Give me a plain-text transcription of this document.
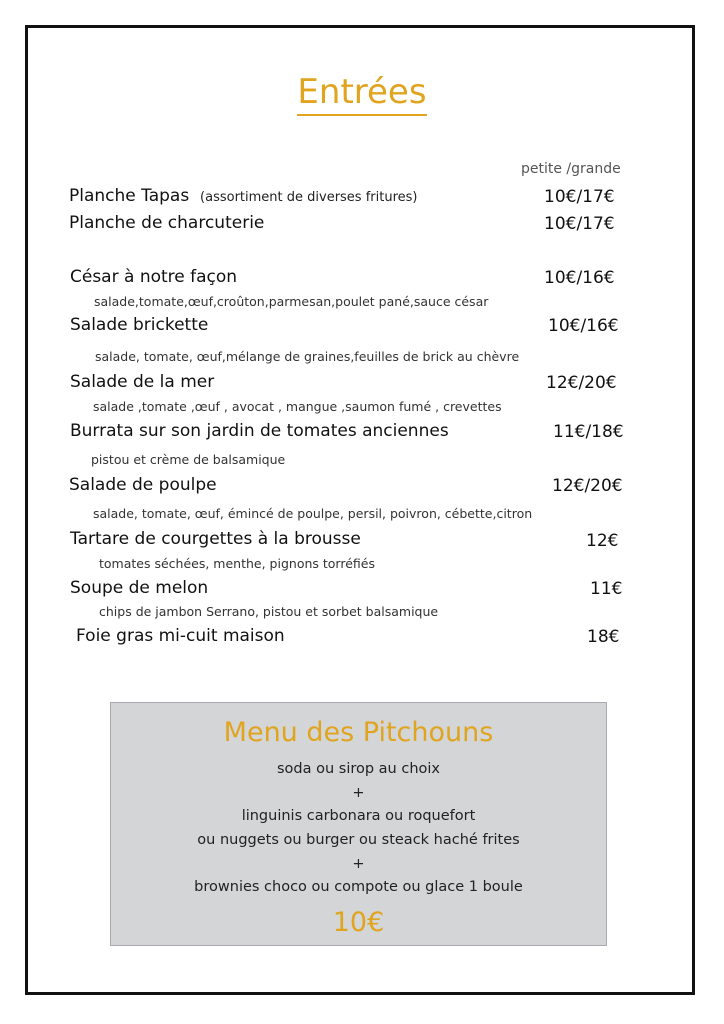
Entrées
petite /grande
Planche Tapas (assortiment de diverses fritures)	10€/17€
Planche de charcuterie	10€/17€
César à notre façon	10€/16€
salade,tomate,œuf,croûton,parmesan,poulet pané,sauce césar
Salade brickette	10€/16€
salade, tomate, œuf,mélange de graines,feuilles de brick au chèvre
Salade de la mer	12€/20€
salade ,tomate ,œuf , avocat , mangue ,saumon fumé , crevettes
Burrata sur son jardin de tomates anciennes	11€/18€
pistou et crème de balsamique
Salade de poulpe	12€/20€
salade, tomate, œuf, émincé de poulpe, persil, poivron, cébette,citron
Tartare de courgettes à la brousse	12€
tomates séchées, menthe, pignons torréfiés
Soupe de melon	11€
chips de jambon Serrano, pistou et sorbet balsamique
Foie gras mi-cuit maison	18€
Menu des Pitchouns
soda ou sirop au choix
+
linguinis carbonara ou roquefort
ou nuggets ou burger ou steack haché frites
+
brownies choco ou compote ou glace 1 boule
10€
